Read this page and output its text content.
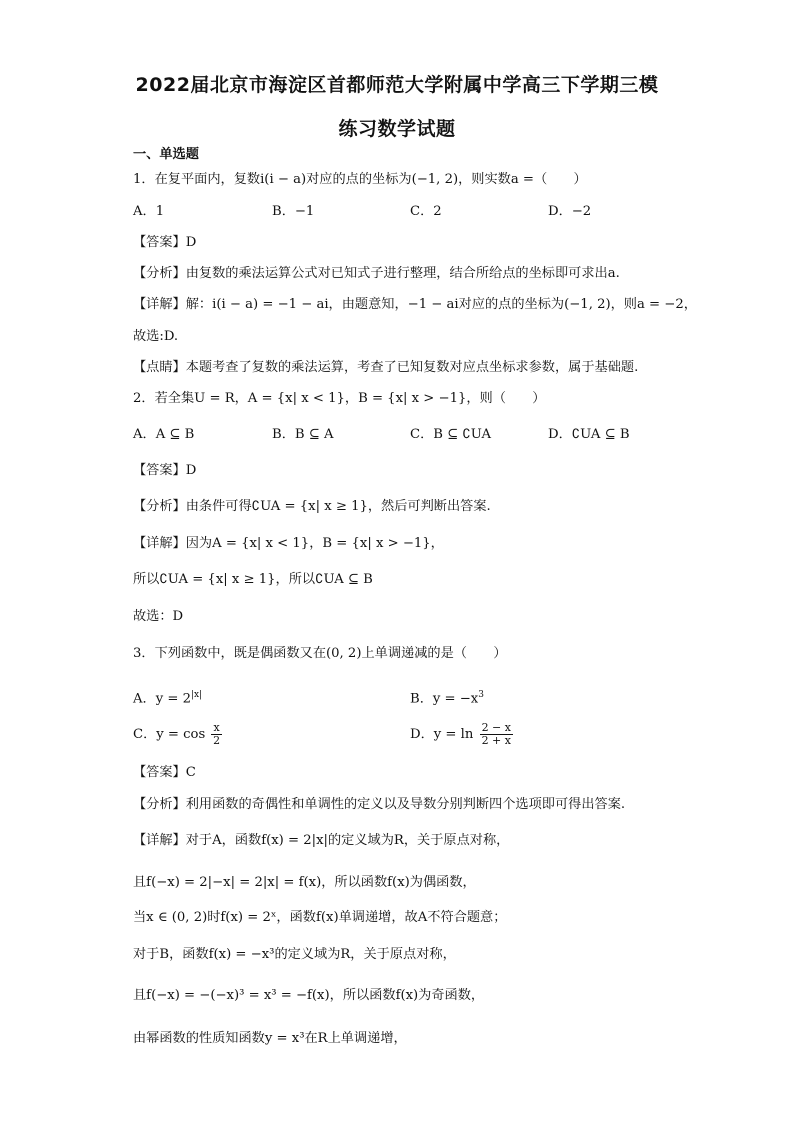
2022届北京市海淀区首都师范大学附属中学高三下学期三模
练习数学试题
一、单选题
1．在复平面内，复数i(i − a)对应的点的坐标为(−1, 2)，则实数a =（　　）
A．1	B．−1	C．2	D．−2
【答案】D
【分析】由复数的乘法运算公式对已知式子进行整理，结合所给点的坐标即可求出a.
【详解】解：i(i − a) = −1 − ai，由题意知，−1 − ai对应的点的坐标为(−1, 2)，则a = −2，
故选:D.
【点睛】本题考查了复数的乘法运算，考查了已知复数对应点坐标求参数，属于基础题.
2．若全集U = R，A = {x| x < 1}，B = {x| x > −1}，则（　　）
A．A ⊆ B	B．B ⊆ A	C．B ⊆ ∁UA	D．∁UA ⊆ B
【答案】D
【分析】由条件可得∁UA = {x| x ≥ 1}，然后可判断出答案.
【详解】因为A = {x| x < 1}，B = {x| x > −1}，
所以∁UA = {x| x ≥ 1}，所以∁UA ⊆ B
故选：D
3．下列函数中，既是偶函数又在(0, 2)上单调递减的是（　　）
A．$y = 2^{|x|}$	B．$y = -x^3$
C．$y = \cos \frac{x}{2}$	D．$y = \ln \frac{2 - x}{2 + x}$
【答案】C
【分析】利用函数的奇偶性和单调性的定义以及导数分别判断四个选项即可得出答案.
【详解】对于A，函数f(x) = 2|x|的定义域为R，关于原点对称，
且f(−x) = 2|−x| = 2|x| = f(x)，所以函数f(x)为偶函数，
当x ∈ (0, 2)时f(x) = 2ˣ，函数f(x)单调递增，故A不符合题意；
对于B，函数f(x) = −x³的定义域为R，关于原点对称，
且f(−x) = −(−x)³ = x³ = −f(x)，所以函数f(x)为奇函数，
由幂函数的性质知函数y = x³在R上单调递增，
